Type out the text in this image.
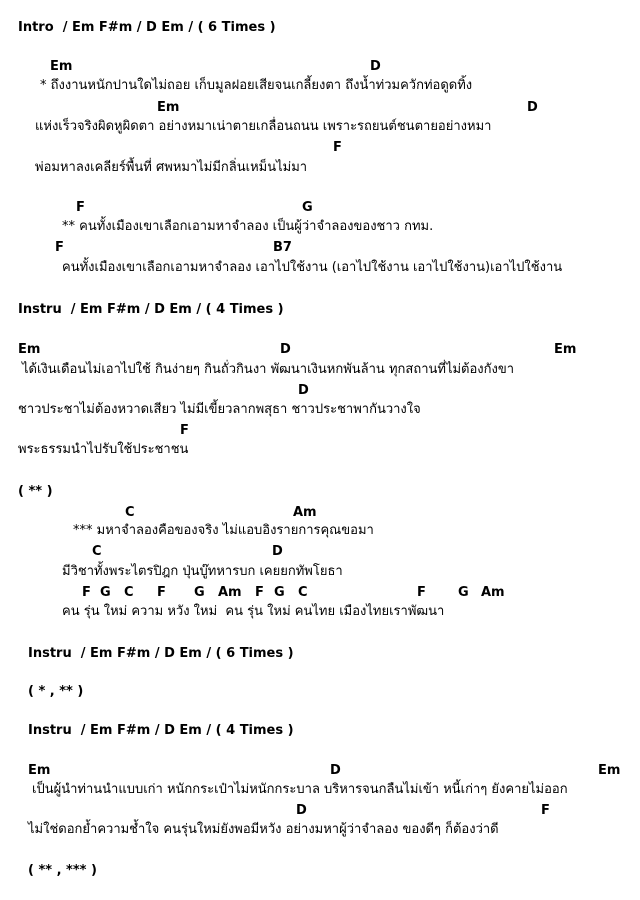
Intro  / Em F#m / D Em / ( 6 Times )
Em	D
* ถึงงานหนักปานใดไม่ถอย เก็บมูลฝอยเสียจนเกลี้ยงตา ถึงน้ำท่วมควักท่อดูดทิ้ง
Em	D
แห่งเร็วจริงผิดหูผิดตา อย่างหมาเน่าตายเกลื่อนถนน เพราะรถยนต์ชนตายอย่างหมา
F
พ่อมหาลงเคลียร์พื้นที่ ศพหมาไม่มีกลิ่นเหม็นไม่มา
F	G
** คนทั้งเมืองเขาเลือกเอามหาจำลอง เป็นผู้ว่าจำลองของชาว กทม.
F	B7
คนทั้งเมืองเขาเลือกเอามหาจำลอง เอาไปใช้งาน (เอาไปใช้งาน เอาไปใช้งาน)เอาไปใช้งาน
Instru  / Em F#m / D Em / ( 4 Times )
Em	D	Em
ได้เงินเดือนไม่เอาไปใช้ กินง่ายๆ กินถั่วกินงา พัฒนาเงินหกพันล้าน ทุกสถานที่ไม่ต้องกังขา
D
ชาวประชาไม่ต้องหวาดเสียว ไม่มีเขี้ยวลากพสุธา ชาวประชาพากันวางใจ
F
พระธรรมนำไปรับใช้ประชาชน
( ** )
C	Am
*** มหาจำลองคือของจริง ไม่แอบอิงรายการคุณขอมา
C	D
มีวิชาทั้งพระไตรปิฎก ปุ่นบู๊ทหารบก เคยยกทัพโยธา
F G C F G Am F G C	F G Am
คน รุ่น ใหม่ ความ หวัง ใหม่  คน รุ่น ใหม่ คนไทย เมืองไทยเราพัฒนา
Instru  / Em F#m / D Em / ( 6 Times )
( * , ** )
Instru  / Em F#m / D Em / ( 4 Times )
Em	D	Em
เป็นผู้นำท่านนำแบบเก่า หนักกระเป๋าไม่หนักกระบาล บริหารจนกลืนไม่เข้า หนี้เก่าๆ ยังคายไม่ออก
D	F
ไม่ใช่ดอกย้ำความช้ำใจ คนรุ่นใหม่ยังพอมีหวัง อย่างมหาผู้ว่าจำลอง ของดีๆ ก็ต้องว่าดี
( ** , *** )
